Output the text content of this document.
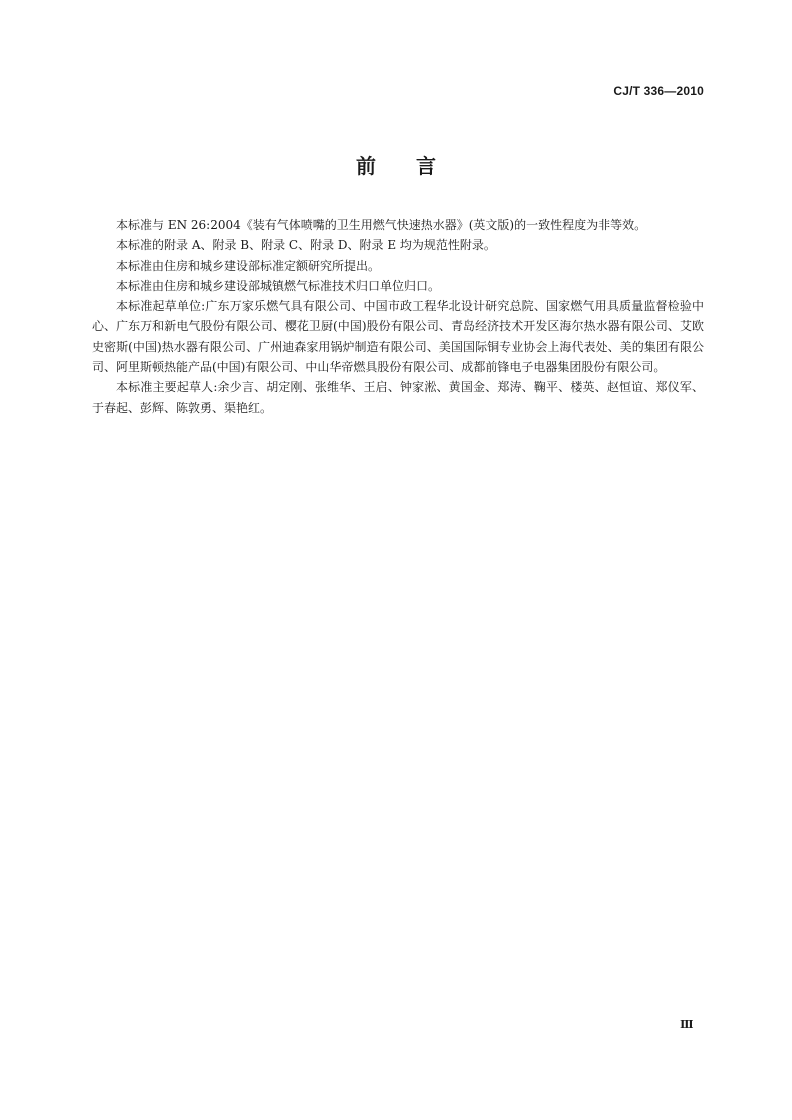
CJ/T 336—2010
前言

本标准与 EN 26:2004《装有气体喷嘴的卫生用燃气快速热水器》(英文版)的一致性程度为非等效。

本标准的附录 A、附录 B、附录 C、附录 D、附录 E 均为规范性附录。

本标准由住房和城乡建设部标准定额研究所提出。

本标准由住房和城乡建设部城镇燃气标准技术归口单位归口。

本标准起草单位:广东万家乐燃气具有限公司、中国市政工程华北设计研究总院、国家燃气用具质量监督检验中心、广东万和新电气股份有限公司、樱花卫厨(中国)股份有限公司、青岛经济技术开发区海尔热水器有限公司、艾欧史密斯(中国)热水器有限公司、广州迪森家用锅炉制造有限公司、美国国际铜专业协会上海代表处、美的集团有限公司、阿里斯顿热能产品(中国)有限公司、中山华帝燃具股份有限公司、成都前锋电子电器集团股份有限公司。

本标准主要起草人:余少言、胡定刚、张维华、王启、钟家淞、黄国金、郑涛、鞠平、楼英、赵恒谊、郑仪军、于春起、彭辉、陈敦勇、渠艳红。

Ⅲ
